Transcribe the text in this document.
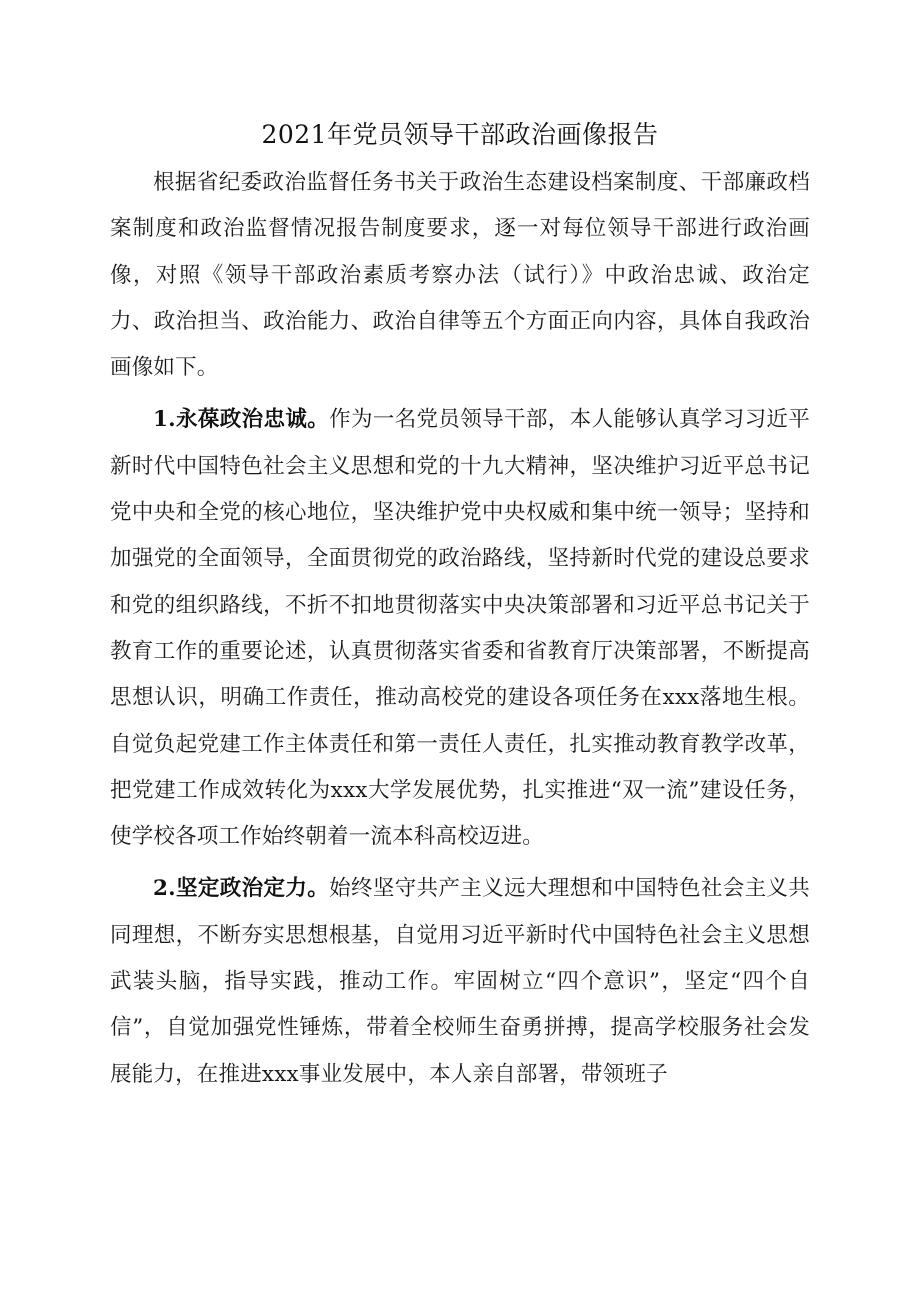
2021年党员领导干部政治画像报告

根据省纪委政治监督任务书关于政治生态建设档案制度、干部廉政档案制度和政治监督情况报告制度要求，逐一对每位领导干部进行政治画像，对照《领导干部政治素质考察办法（试行）》中政治忠诚、政治定力、政治担当、政治能力、政治自律等五个方面正向内容，具体自我政治画像如下。

1.永葆政治忠诚。作为一名党员领导干部，本人能够认真学习习近平新时代中国特色社会主义思想和党的十九大精神，坚决维护习近平总书记党中央和全党的核心地位，坚决维护党中央权威和集中统一领导；坚持和加强党的全面领导，全面贯彻党的政治路线，坚持新时代党的建设总要求和党的组织路线，不折不扣地贯彻落实中央决策部署和习近平总书记关于教育工作的重要论述，认真贯彻落实省委和省教育厅决策部署，不断提高思想认识，明确工作责任，推动高校党的建设各项任务在xxx落地生根。自觉负起党建工作主体责任和第一责任人责任，扎实推动教育教学改革，把党建工作成效转化为xxx大学发展优势，扎实推进“双一流”建设任务，使学校各项工作始终朝着一流本科高校迈进。

2.坚定政治定力。始终坚守共产主义远大理想和中国特色社会主义共同理想，不断夯实思想根基，自觉用习近平新时代中国特色社会主义思想武装头脑，指导实践，推动工作。牢固树立“四个意识”，坚定“四个自信”，自觉加强党性锤炼，带着全校师生奋勇拼搏，提高学校服务社会发展能力，在推进xxx事业发展中，本人亲自部署，带领班子
